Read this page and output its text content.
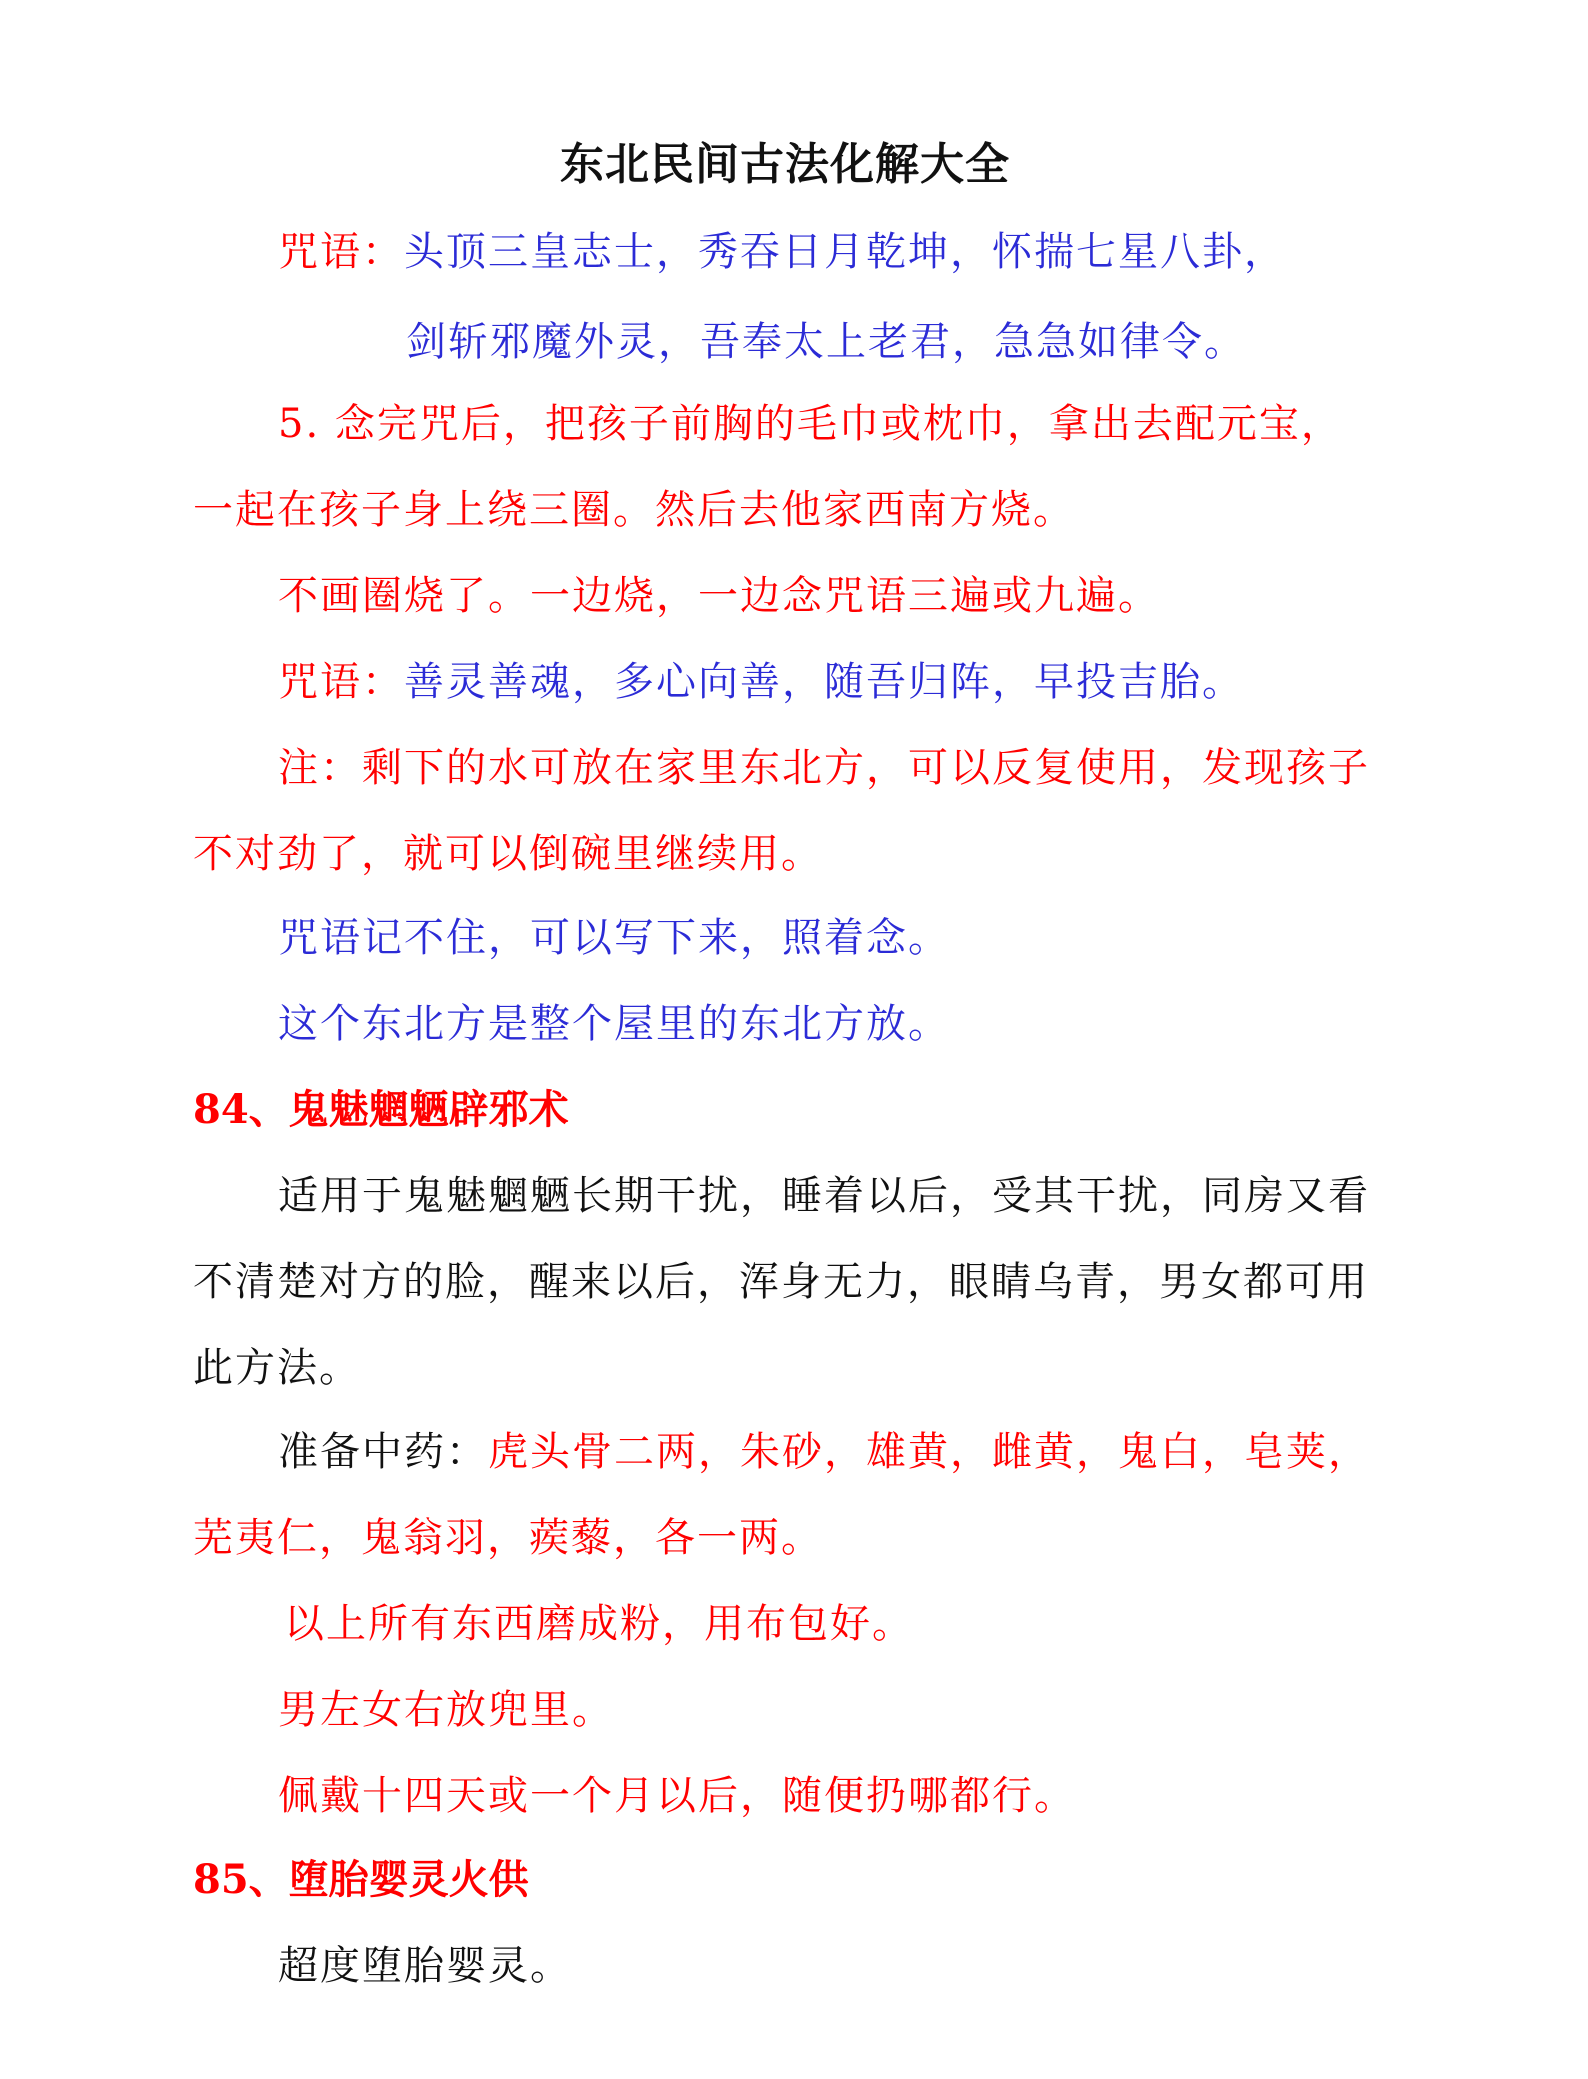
东北民间古法化解大全
咒语：头顶三皇志士，秀吞日月乾坤，怀揣七星八卦，
剑斩邪魔外灵，吾奉太上老君，急急如律令。
5. 念完咒后，把孩子前胸的毛巾或枕巾，拿出去配元宝，
一起在孩子身上绕三圈。然后去他家西南方烧。
不画圈烧了。一边烧，一边念咒语三遍或九遍。
咒语：善灵善魂，多心向善，随吾归阵，早投吉胎。
注：剩下的水可放在家里东北方，可以反复使用，发现孩子
不对劲了，就可以倒碗里继续用。
咒语记不住，可以写下来，照着念。
这个东北方是整个屋里的东北方放。
84、鬼魅魍魉辟邪术
适用于鬼魅魍魉长期干扰，睡着以后，受其干扰，同房又看
不清楚对方的脸，醒来以后，浑身无力，眼睛乌青，男女都可用
此方法。
准备中药：虎头骨二两，朱砂，雄黄，雌黄，鬼白，皂荚，
芜夷仁，鬼翁羽，蒺藜，各一两。
以上所有东西磨成粉，用布包好。
男左女右放兜里。
佩戴十四天或一个月以后，随便扔哪都行。
85、堕胎婴灵火供
超度堕胎婴灵。
